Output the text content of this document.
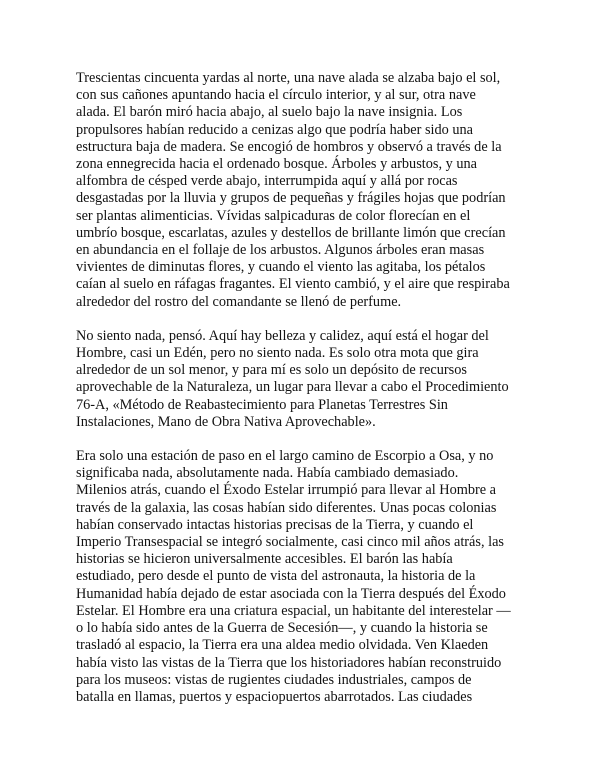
Trescientas cincuenta yardas al norte, una nave alada se alzaba bajo el sol,
con sus cañones apuntando hacia el círculo interior, y al sur, otra nave
alada. El barón miró hacia abajo, al suelo bajo la nave insignia. Los
propulsores habían reducido a cenizas algo que podría haber sido una
estructura baja de madera. Se encogió de hombros y observó a través de la
zona ennegrecida hacia el ordenado bosque. Árboles y arbustos, y una
alfombra de césped verde abajo, interrumpida aquí y allá por rocas
desgastadas por la lluvia y grupos de pequeñas y frágiles hojas que podrían
ser plantas alimenticias. Vívidas salpicaduras de color florecían en el
umbrío bosque, escarlatas, azules y destellos de brillante limón que crecían
en abundancia en el follaje de los arbustos. Algunos árboles eran masas
vivientes de diminutas flores, y cuando el viento las agitaba, los pétalos
caían al suelo en ráfagas fragantes. El viento cambió, y el aire que respiraba
alrededor del rostro del comandante se llenó de perfume.

No siento nada, pensó. Aquí hay belleza y calidez, aquí está el hogar del
Hombre, casi un Edén, pero no siento nada. Es solo otra mota que gira
alrededor de un sol menor, y para mí es solo un depósito de recursos
aprovechable de la Naturaleza, un lugar para llevar a cabo el Procedimiento
76-A, «Método de Reabastecimiento para Planetas Terrestres Sin
Instalaciones, Mano de Obra Nativa Aprovechable».

Era solo una estación de paso en el largo camino de Escorpio a Osa, y no
significaba nada, absolutamente nada. Había cambiado demasiado.
Milenios atrás, cuando el Éxodo Estelar irrumpió para llevar al Hombre a
través de la galaxia, las cosas habían sido diferentes. Unas pocas colonias
habían conservado intactas historias precisas de la Tierra, y cuando el
Imperio Transespacial se integró socialmente, casi cinco mil años atrás, las
historias se hicieron universalmente accesibles. El barón las había
estudiado, pero desde el punto de vista del astronauta, la historia de la
Humanidad había dejado de estar asociada con la Tierra después del Éxodo
Estelar. El Hombre era una criatura espacial, un habitante del interestelar —
o lo había sido antes de la Guerra de Secesión—, y cuando la historia se
trasladó al espacio, la Tierra era una aldea medio olvidada. Ven Klaeden
había visto las vistas de la Tierra que los historiadores habían reconstruido
para los museos: vistas de rugientes ciudades industriales, campos de
batalla en llamas, puertos y espaciopuertos abarrotados. Las ciudades
